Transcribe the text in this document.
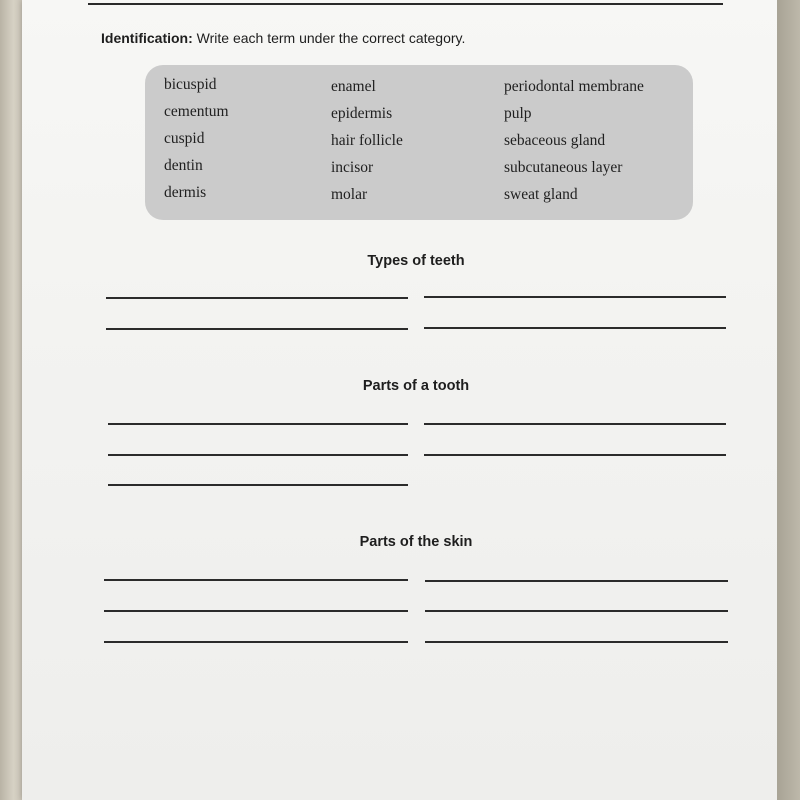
Identification: Write each term under the correct category.
bicuspid
cementum
cuspid
dentin
dermis
enamel
epidermis
hair follicle
incisor
molar
periodontal membrane
pulp
sebaceous gland
subcutaneous layer
sweat gland
Types of teeth
Parts of a tooth
Parts of the skin
